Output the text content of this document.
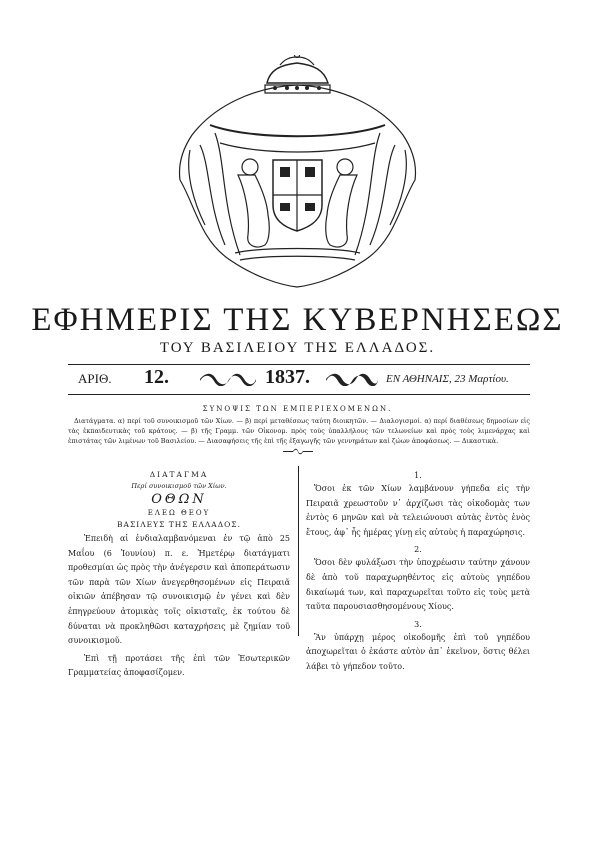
ΕΦΗΜΕΡΙΣ ΤΗΣ ΚΥΒΕΡΝΗΣΕΩΣ
ΤΟΥ ΒΑΣΙΛΕΙΟΥ ΤΗΣ ΕΛΛΑΔΟΣ.
ΑΡΙΘ. 12.	1837.	ΕΝ ΑΘΗΝΑΙΣ, 23 Μαρτίου.
ΣΥΝΟΨΙΣ ΤΩΝ ΕΜΠΕΡΙΕΧΟΜΕΝΩΝ.
Διατάγματα. α) περί τοῦ συνοικισμοῦ τῶν Χίων. — β) περί μεταθέσεως ταύτη διοικητῶν. — Διαλογισμοί. α) περί διαθέσεως δημοσίων εἰς τὰς ἐκπαιδευτικὰς τοῦ κράτους. — β) τῆς Γραμμ. τῶν Οἰκονομ. πρὸς τοὺς ὑπαλλήλους τῶν τελωνείων καὶ πρὸς τοὺς λιμενάρχας καὶ ἐπιστάτας τῶν λιμένων τοῦ Βασιλείου. — Διασαφήσεις τῆς ἐπὶ τῆς ἐξαγωγῆς τῶν γεννημάτων καὶ ζώων ἀποφάσεως. — Δικαστικὰ.
ΔΙΑΤΑΓΜΑ
Περί συνοικισμοῦ τῶν Χίων.
ΟΘΩΝ
ΕΛΕΩ ΘΕΟΥ
ΒΑΣΙΛΕΥΣ ΤΗΣ ΕΛΛΑΔΟΣ.

Ἐπειδὴ αἱ ἐνδιαλαμβανόμεναι ἐν τῷ ἀπὸ 25 Μαΐου (6 Ἰουνίου) π. ε. Ἡμετέρῳ διατάγματι προθεσμίαι ὡς πρὸς τὴν ἀνέγερσιν καὶ ἀποπεράτωσιν τῶν παρὰ τῶν Χίων ἀνεγερθησομένων εἰς Πειραιᾶ οἰκιῶν ἀπέβησαν τῷ συνοικισμῷ ἐν γένει καὶ δὲν ἐπηγρεύουν ἀτομικὰς τοῖς οἰκισταῖς, ἐκ τούτου δὲ δύναται νὰ προκληθῶσι καταχρήσεις μὲ ζημίαν τοῦ συνοικισμοῦ.

Ἐπὶ τῇ προτάσει τῆς ἐπὶ τῶν Ἐσωτερικῶν Γραμματείας ἀποφασίζομεν.

1.

Ὅσοι ἐκ τῶν Χίων λαμβάνουν γήπεδα εἰς τὴν Πειραιᾶ χρεωστοῦν ν᾽ ἀρχίζωσι τὰς οἰκοδομὰς των ἐντὸς 6 μηνῶν καὶ νὰ τελειώνουσι αὐτὰς ἐντὸς ἑνὸς ἔτους, ἀφ᾽ ἧς ἡμέρας γίνῃ εἰς αὐτοὺς ἡ παραχώρησις.

2.

Ὅσοι δὲν φυλάξωσι τὴν ὑποχρέωσιν ταύτην χάνουν δὲ ἀπὸ τοῦ παραχωρηθέντος εἰς αὐτοὺς γηπέδου δικαίωμά των, καὶ παραχωρεῖται τοῦτο εἰς τοὺς μετὰ ταῦτα παρουσιασθησομένους Χίους.

3.

Ἂν ὑπάρχῃ μέρος οἰκοδομῆς ἐπὶ τοῦ γηπέδου ἀποχωρεῖται ὁ ἐκάστε αὐτὸν ἀπ᾽ ἐκεῖνον, ὅστις θέλει λάβει τὸ γήπεδον τοῦτο.
